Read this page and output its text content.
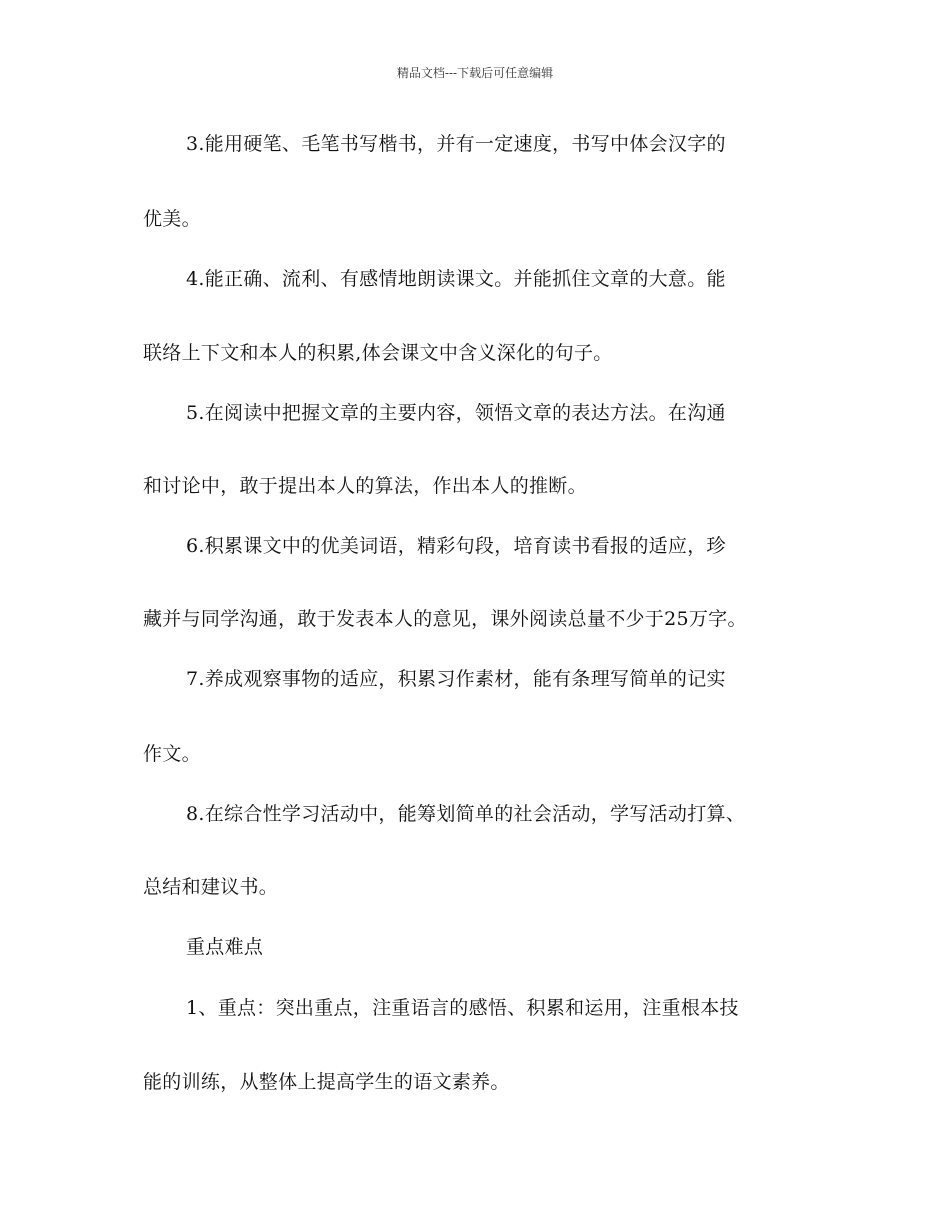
精品文档---下载后可任意编辑
3.能用硬笔、毛笔书写楷书，并有一定速度，书写中体会汉字的
优美。
4.能正确、流利、有感情地朗读课文。并能抓住文章的大意。能
联络上下文和本人的积累,体会课文中含义深化的句子。
5.在阅读中把握文章的主要内容，领悟文章的表达方法。在沟通
和讨论中，敢于提出本人的算法，作出本人的推断。
6.积累课文中的优美词语，精彩句段，培育读书看报的适应，珍
藏并与同学沟通，敢于发表本人的意见，课外阅读总量不少于25万字。
7.养成观察事物的适应，积累习作素材，能有条理写简单的记实
作文。
8.在综合性学习活动中，能筹划简单的社会活动，学写活动打算、
总结和建议书。
重点难点
1、重点：突出重点，注重语言的感悟、积累和运用，注重根本技
能的训练，从整体上提高学生的语文素养。
